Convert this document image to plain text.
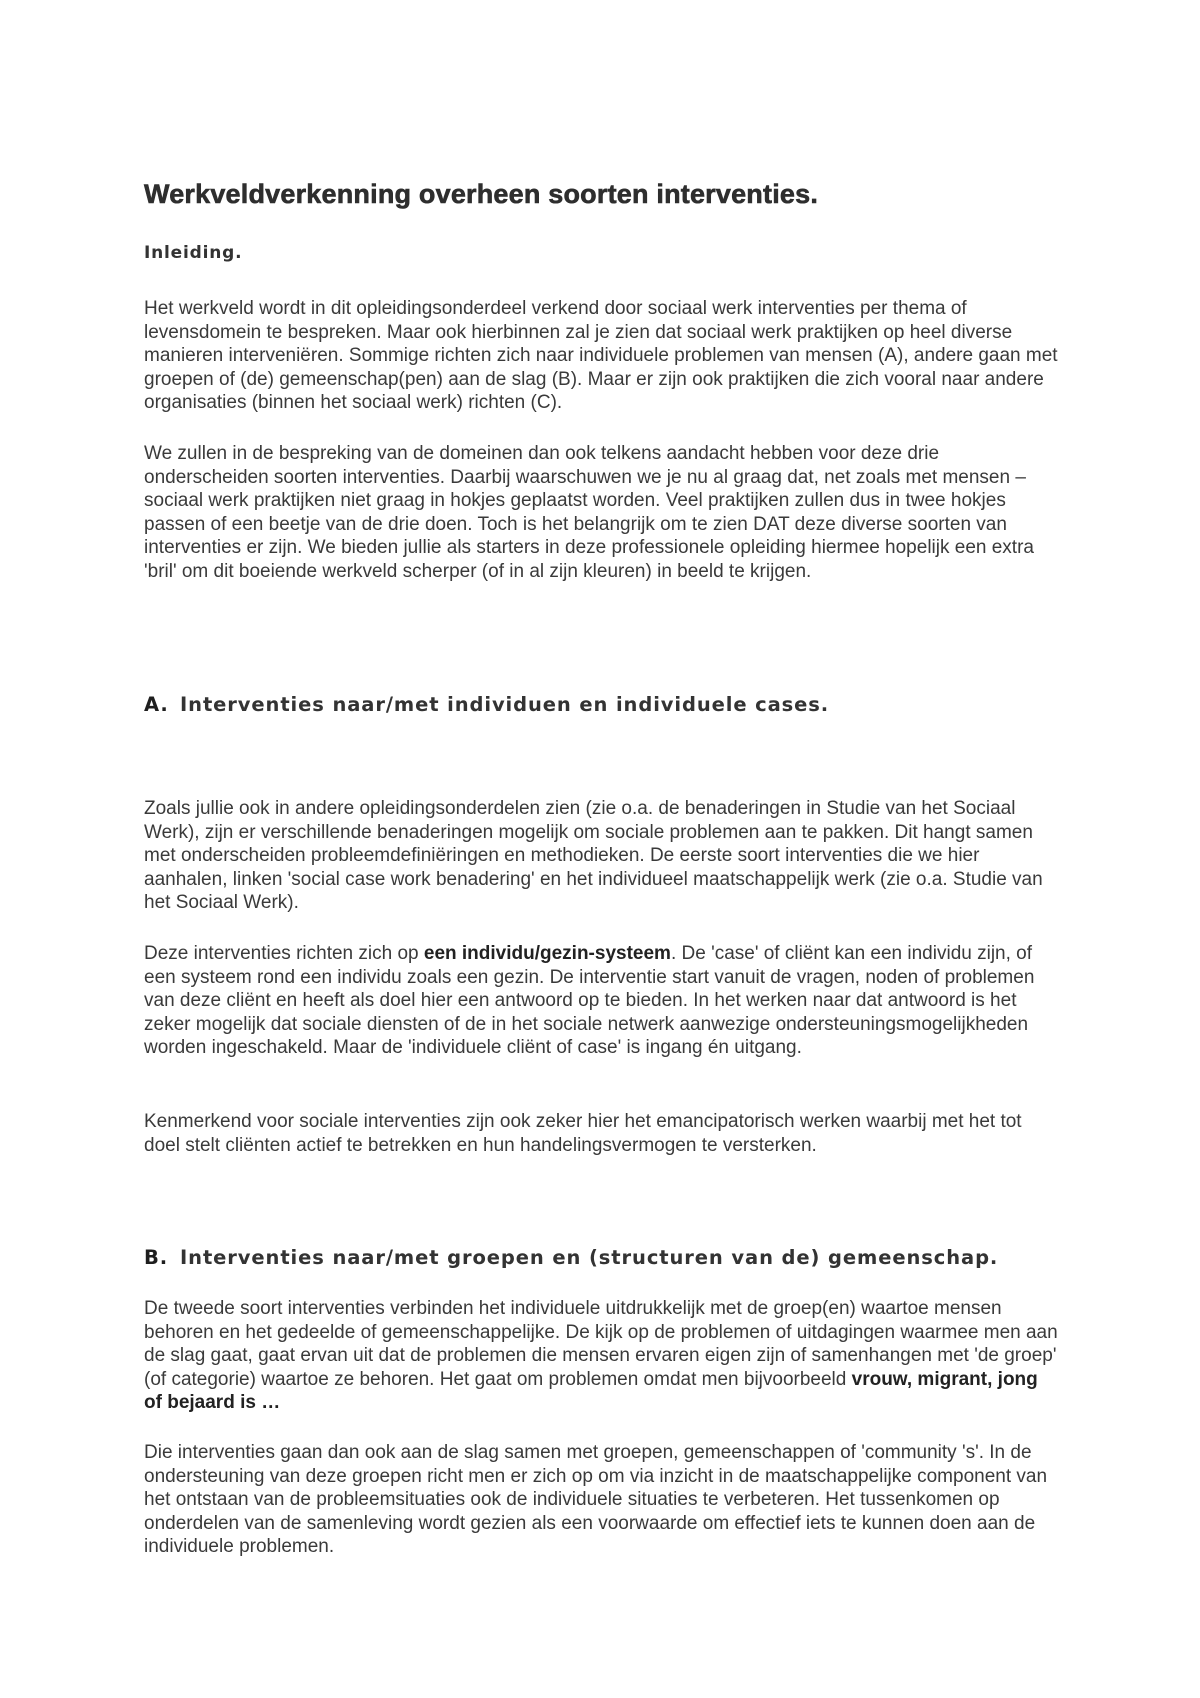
Werkveldverkenning overheen soorten interventies.
Inleiding.

Het werkveld wordt in dit opleidingsonderdeel verkend door sociaal werk interventies per thema of levensdomein te bespreken. Maar ook hierbinnen zal je zien dat sociaal werk praktijken op heel diverse manieren interveniëren. Sommige richten zich naar individuele problemen van mensen (A), andere gaan met groepen of (de) gemeenschap(pen) aan de slag (B). Maar er zijn ook praktijken die zich vooral naar andere organisaties (binnen het sociaal werk) richten (C).

We zullen in de bespreking van de domeinen dan ook telkens aandacht hebben voor deze drie onderscheiden soorten interventies. Daarbij waarschuwen we je nu al graag dat, net zoals met mensen – sociaal werk praktijken niet graag in hokjes geplaatst worden. Veel praktijken zullen dus in twee hokjes passen of een beetje van de drie doen. Toch is het belangrijk om te zien DAT deze diverse soorten van interventies er zijn. We bieden jullie als starters in deze professionele opleiding hiermee hopelijk een extra 'bril' om dit boeiende werkveld scherper (of in al zijn kleuren) in beeld te krijgen.

A. Interventies naar/met individuen en individuele cases.

Zoals jullie ook in andere opleidingsonderdelen zien (zie o.a. de benaderingen in Studie van het Sociaal Werk), zijn er verschillende benaderingen mogelijk om sociale problemen aan te pakken. Dit hangt samen met onderscheiden probleemdefiniëringen en methodieken. De eerste soort interventies die we hier aanhalen, linken 'social case work benadering' en het individueel maatschappelijk werk (zie o.a. Studie van het Sociaal Werk).

Deze interventies richten zich op een individu/gezin-systeem. De 'case' of cliënt kan een individu zijn, of een systeem rond een individu zoals een gezin. De interventie start vanuit de vragen, noden of problemen van deze cliënt en heeft als doel hier een antwoord op te bieden. In het werken naar dat antwoord is het zeker mogelijk dat sociale diensten of de in het sociale netwerk aanwezige ondersteuningsmogelijkheden worden ingeschakeld. Maar de 'individuele cliënt of case' is ingang én uitgang.

Kenmerkend voor sociale interventies zijn ook zeker hier het emancipatorisch werken waarbij met het tot doel stelt cliënten actief te betrekken en hun handelingsvermogen te versterken.

B. Interventies naar/met groepen en (structuren van de) gemeenschap.

De tweede soort interventies verbinden het individuele uitdrukkelijk met de groep(en) waartoe mensen behoren en het gedeelde of gemeenschappelijke. De kijk op de problemen of uitdagingen waarmee men aan de slag gaat, gaat ervan uit dat de problemen die mensen ervaren eigen zijn of samenhangen met 'de groep' (of categorie) waartoe ze behoren. Het gaat om problemen omdat men bijvoorbeeld vrouw, migrant, jong of bejaard is …

Die interventies gaan dan ook aan de slag samen met groepen, gemeenschappen of 'community 's'. In de ondersteuning van deze groepen richt men er zich op om via inzicht in de maatschappelijke component van het ontstaan van de probleemsituaties ook de individuele situaties te verbeteren. Het tussenkomen op onderdelen van de samenleving wordt gezien als een voorwaarde om effectief iets te kunnen doen aan de individuele problemen.
